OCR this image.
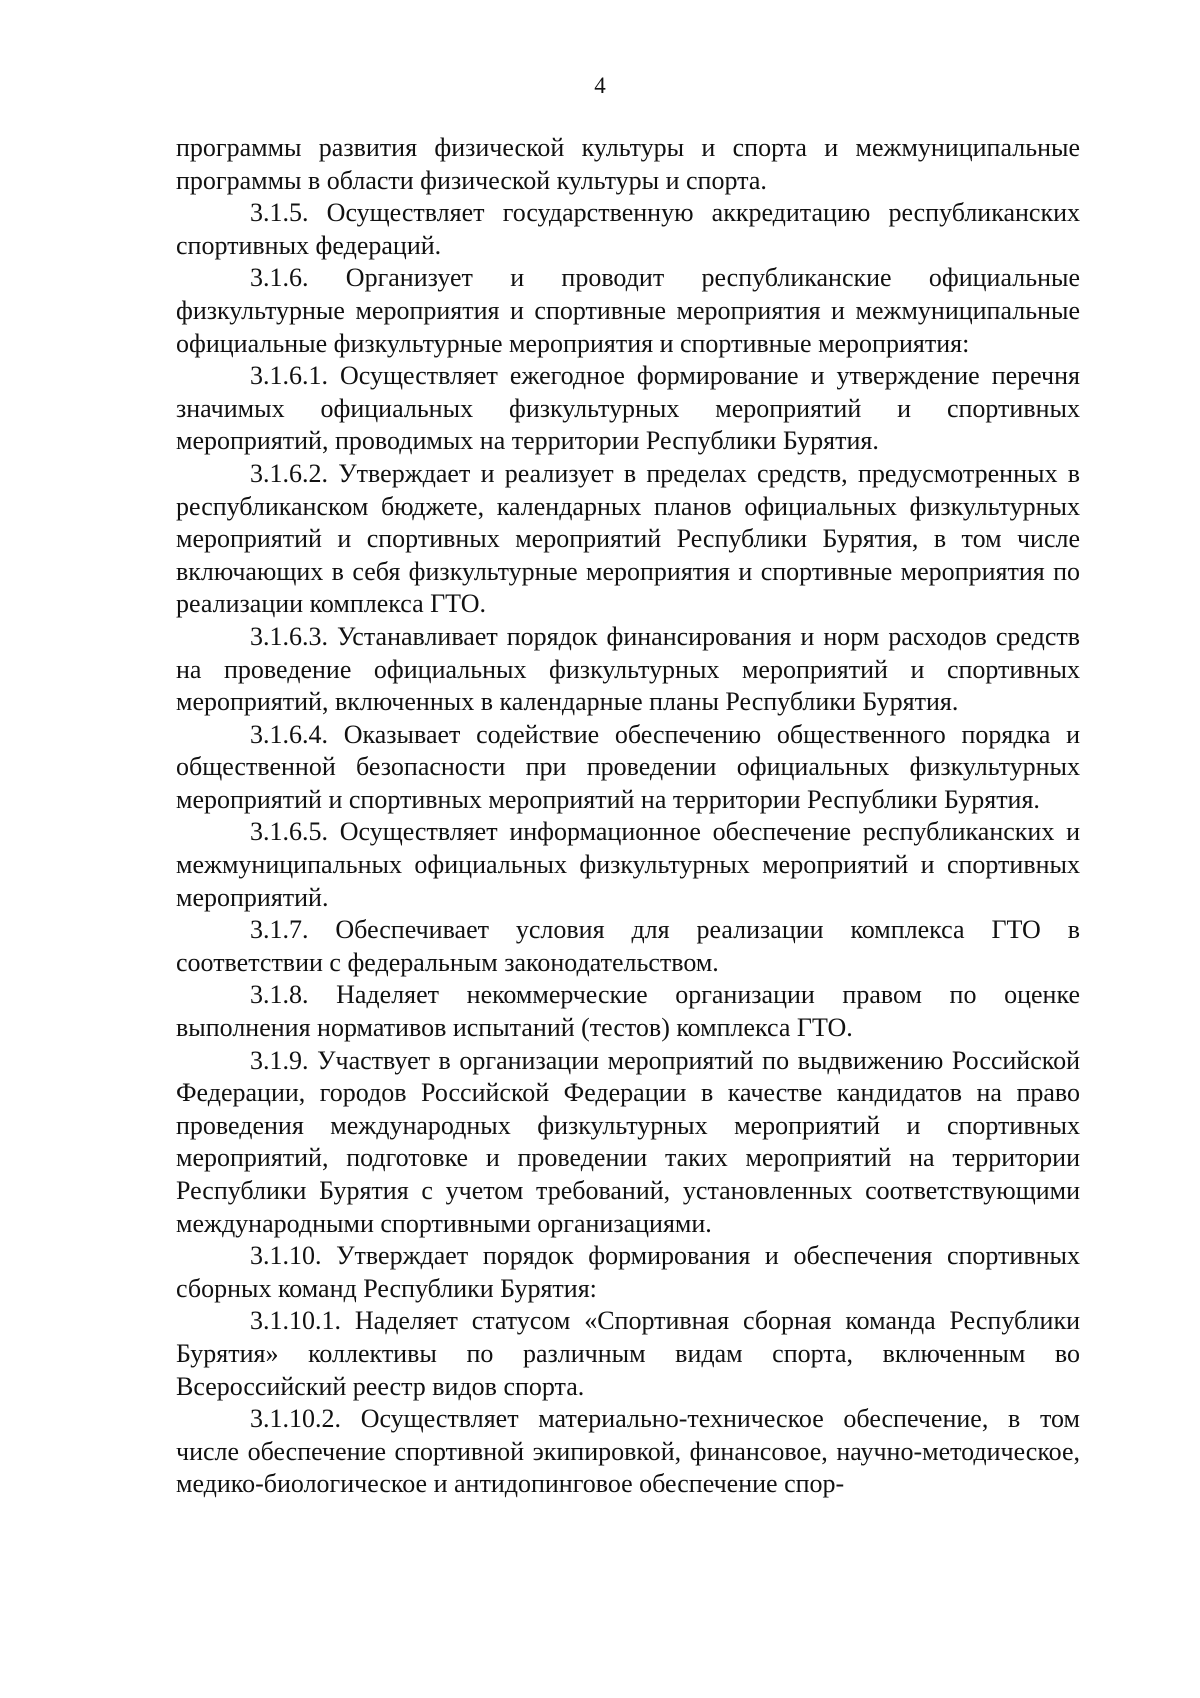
4

программы развития физической культуры и спорта и межмуниципальные программы в области физической культуры и спорта.

3.1.5. Осуществляет государственную аккредитацию республиканских спортивных федераций.

3.1.6. Организует и проводит республиканские официальные физкультурные мероприятия и спортивные мероприятия и межмуниципальные официальные физкультурные мероприятия и спортивные мероприятия:

3.1.6.1. Осуществляет ежегодное формирование и утверждение перечня значимых официальных физкультурных мероприятий и спортивных мероприятий, проводимых на территории Республики Бурятия.

3.1.6.2. Утверждает и реализует в пределах средств, предусмотренных в республиканском бюджете, календарных планов официальных физкультурных мероприятий и спортивных мероприятий Республики Бурятия, в том числе включающих в себя физкультурные мероприятия и спортивные мероприятия по реализации комплекса ГТО.

3.1.6.3. Устанавливает порядок финансирования и норм расходов средств на проведение официальных физкультурных мероприятий и спортивных мероприятий, включенных в календарные планы Республики Бурятия.

3.1.6.4. Оказывает содействие обеспечению общественного порядка и общественной безопасности при проведении официальных физкультурных мероприятий и спортивных мероприятий на территории Республики Бурятия.

3.1.6.5. Осуществляет информационное обеспечение республиканских и межмуниципальных официальных физкультурных мероприятий и спортивных мероприятий.

3.1.7. Обеспечивает условия для реализации комплекса ГТО в соответствии с федеральным законодательством.

3.1.8. Наделяет некоммерческие организации правом по оценке выполнения нормативов испытаний (тестов) комплекса ГТО.

3.1.9. Участвует в организации мероприятий по выдвижению Российской Федерации, городов Российской Федерации в качестве кандидатов на право проведения международных физкультурных мероприятий и спортивных мероприятий, подготовке и проведении таких мероприятий на территории Республики Бурятия с учетом требований, установленных соответствующими международными спортивными организациями.

3.1.10. Утверждает порядок формирования и обеспечения спортивных сборных команд Республики Бурятия:

3.1.10.1. Наделяет статусом «Спортивная сборная команда Республики Бурятия» коллективы по различным видам спорта, включенным во Всероссийский реестр видов спорта.

3.1.10.2. Осуществляет материально-техническое обеспечение, в том числе обеспечение спортивной экипировкой, финансовое, научно-методическое, медико-биологическое и антидопинговое обеспечение спор-
